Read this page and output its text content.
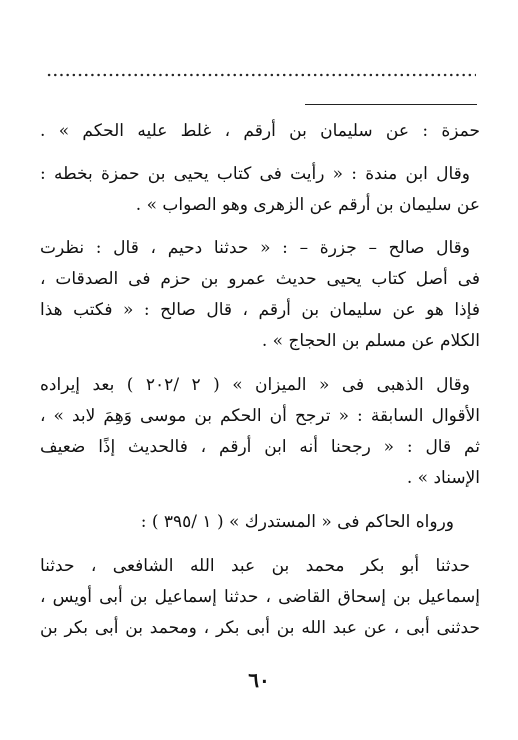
حمزة : عن سليمان بن أرقم ، غلط عليه الحكم » .
وقال ابن مندة : « رأيت فى كتاب يحيى بن حمزة بخطه :
عن سليمان بن أرقم عن الزهرى وهو الصواب » .
وقال صالح – جزرة – : « حدثنا دحيم ، قال : نظرت
فى أصل كتاب يحيى حديث عمرو بن حزم فى الصدقات ،
فإذا هو عن سليمان بن أرقم ، قال صالح : « فكتب هذا
الكلام عن مسلم بن الحجاج » .
وقال الذهبى فى « الميزان » ( ٢ /٢٠٢ ) بعد إيراده
الأقوال السابقة : « ترجح أن الحكم بن موسى وَهِمَ لابد » ،
ثم قال : « رجحنا أنه ابن أرقم ، فالحديث إذًا ضعيف
الإسناد » .
ورواه الحاكم فى « المستدرك » ( ١ /٣٩٥ ) :
حدثنا أبو بكر محمد بن عبد الله الشافعى ، حدثنا
إسماعيل بن إسحاق القاضى ، حدثنا إسماعيل بن أبى أويس ،
حدثنى أبى ، عن عبد الله بن أبى بكر ، ومحمد بن أبى بكر بن
٦٠
